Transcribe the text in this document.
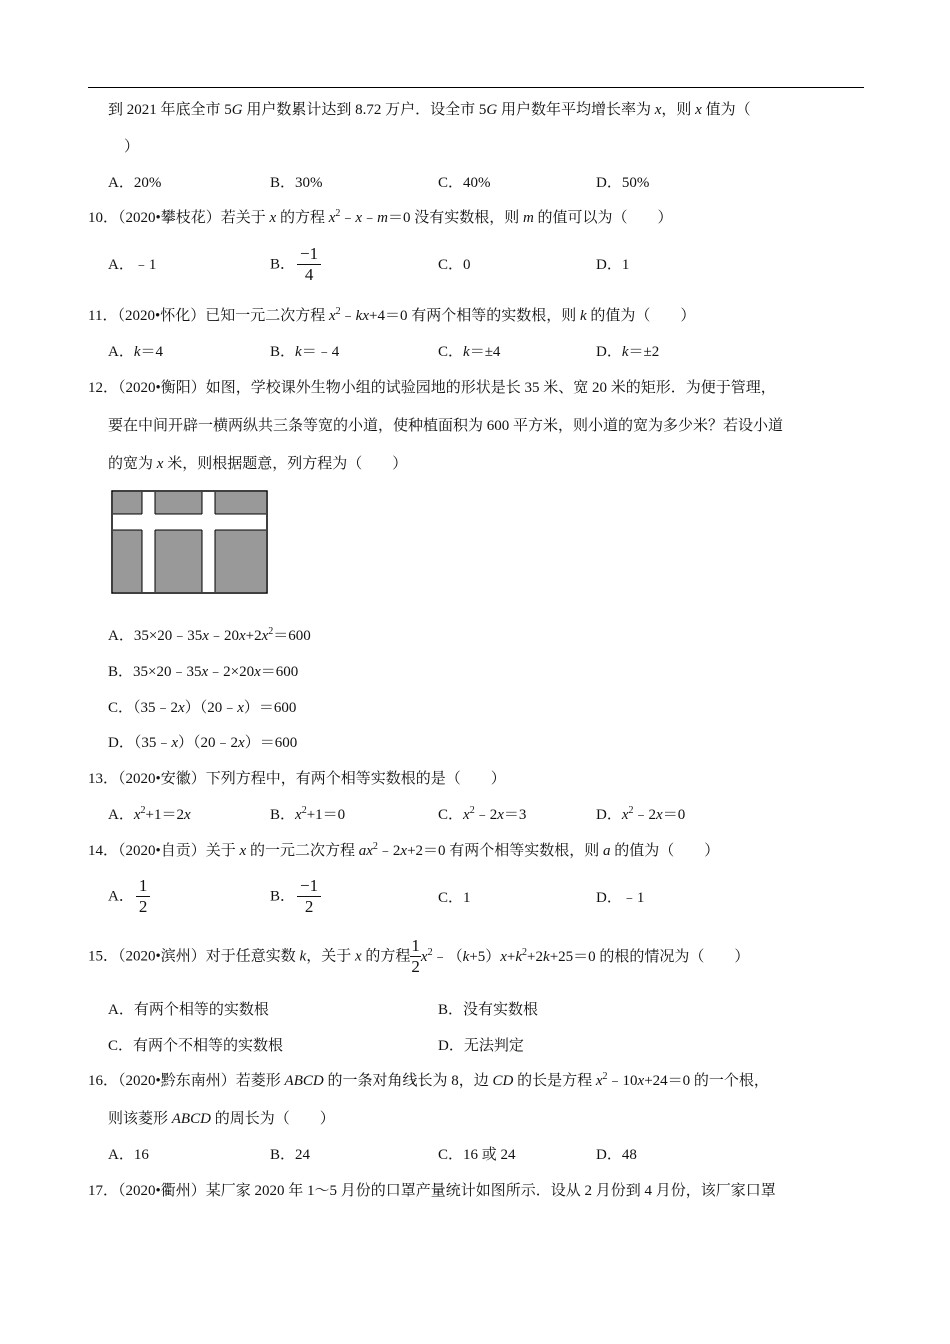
到 2021 年底全市 5G 用户数累计达到 8.72 万户．设全市 5G 用户数年平均增长率为 x，则 x 值为（
）
A．20%	B．30%	C．40%	D．50%
10．（2020•攀枝花）若关于 x 的方程 $x^2﹣x﹣m=0$ 没有实数根，则 m 的值可以为（　　）
A．﹣1	B． $\frac{-1}{4}$	C．0	D．1
11．（2020•怀化）已知一元二次方程 $x^2﹣kx+4=0$ 有两个相等的实数根，则 k 的值为（　　）
A．k＝4	B．k＝﹣4	C．k＝±4	D．k＝±2
12．（2020•衡阳）如图，学校课外生物小组的试验园地的形状是长 35 米、宽 20 米的矩形．为便于管理，
要在中间开辟一横两纵共三条等宽的小道，使种植面积为 600 平方米，则小道的宽为多少米？若设小道
的宽为 x 米，则根据题意，列方程为（　　）
A．$35\times 20﹣35x﹣20x+2x^2=600$
B．35×20﹣35x﹣2×20x＝600
C．（35﹣2x）（20﹣x）＝600
D．（35﹣x）（20﹣2x）＝600
13．（2020•安徽）下列方程中，有两个相等实数根的是（　　）
A．$x^2+1=2x$	B．$x^2+1=0$	C．$x^2﹣2x=3$	D．$x^2﹣2x=0$
14．（2020•自贡）关于 x 的一元二次方程 $ax^2﹣2x+2=0$ 有两个相等实数根，则 a 的值为（　　）
A． $\frac{1}{2}$	B． $\frac{-1}{2}$	C．1	D．﹣1
15．（2020•滨州）对于任意实数 k，关于 x 的方程 $\frac{1}{2}$ $x^2﹣(k+5)x+k^2+2k+25=0$ 的根的情况为（　　）
A．有两个相等的实数根	B．没有实数根
C．有两个不相等的实数根	D．无法判定
16．（2020•黔东南州）若菱形 ABCD 的一条对角线长为 8，边 CD 的长是方程 $x^2﹣10x+24=0$ 的一个根，
则该菱形 ABCD 的周长为（　　）
A．16	B．24	C．16 或 24	D．48
17．（2020•衢州）某厂家 2020 年 1～5 月份的口罩产量统计如图所示．设从 2 月份到 4 月份，该厂家口罩
